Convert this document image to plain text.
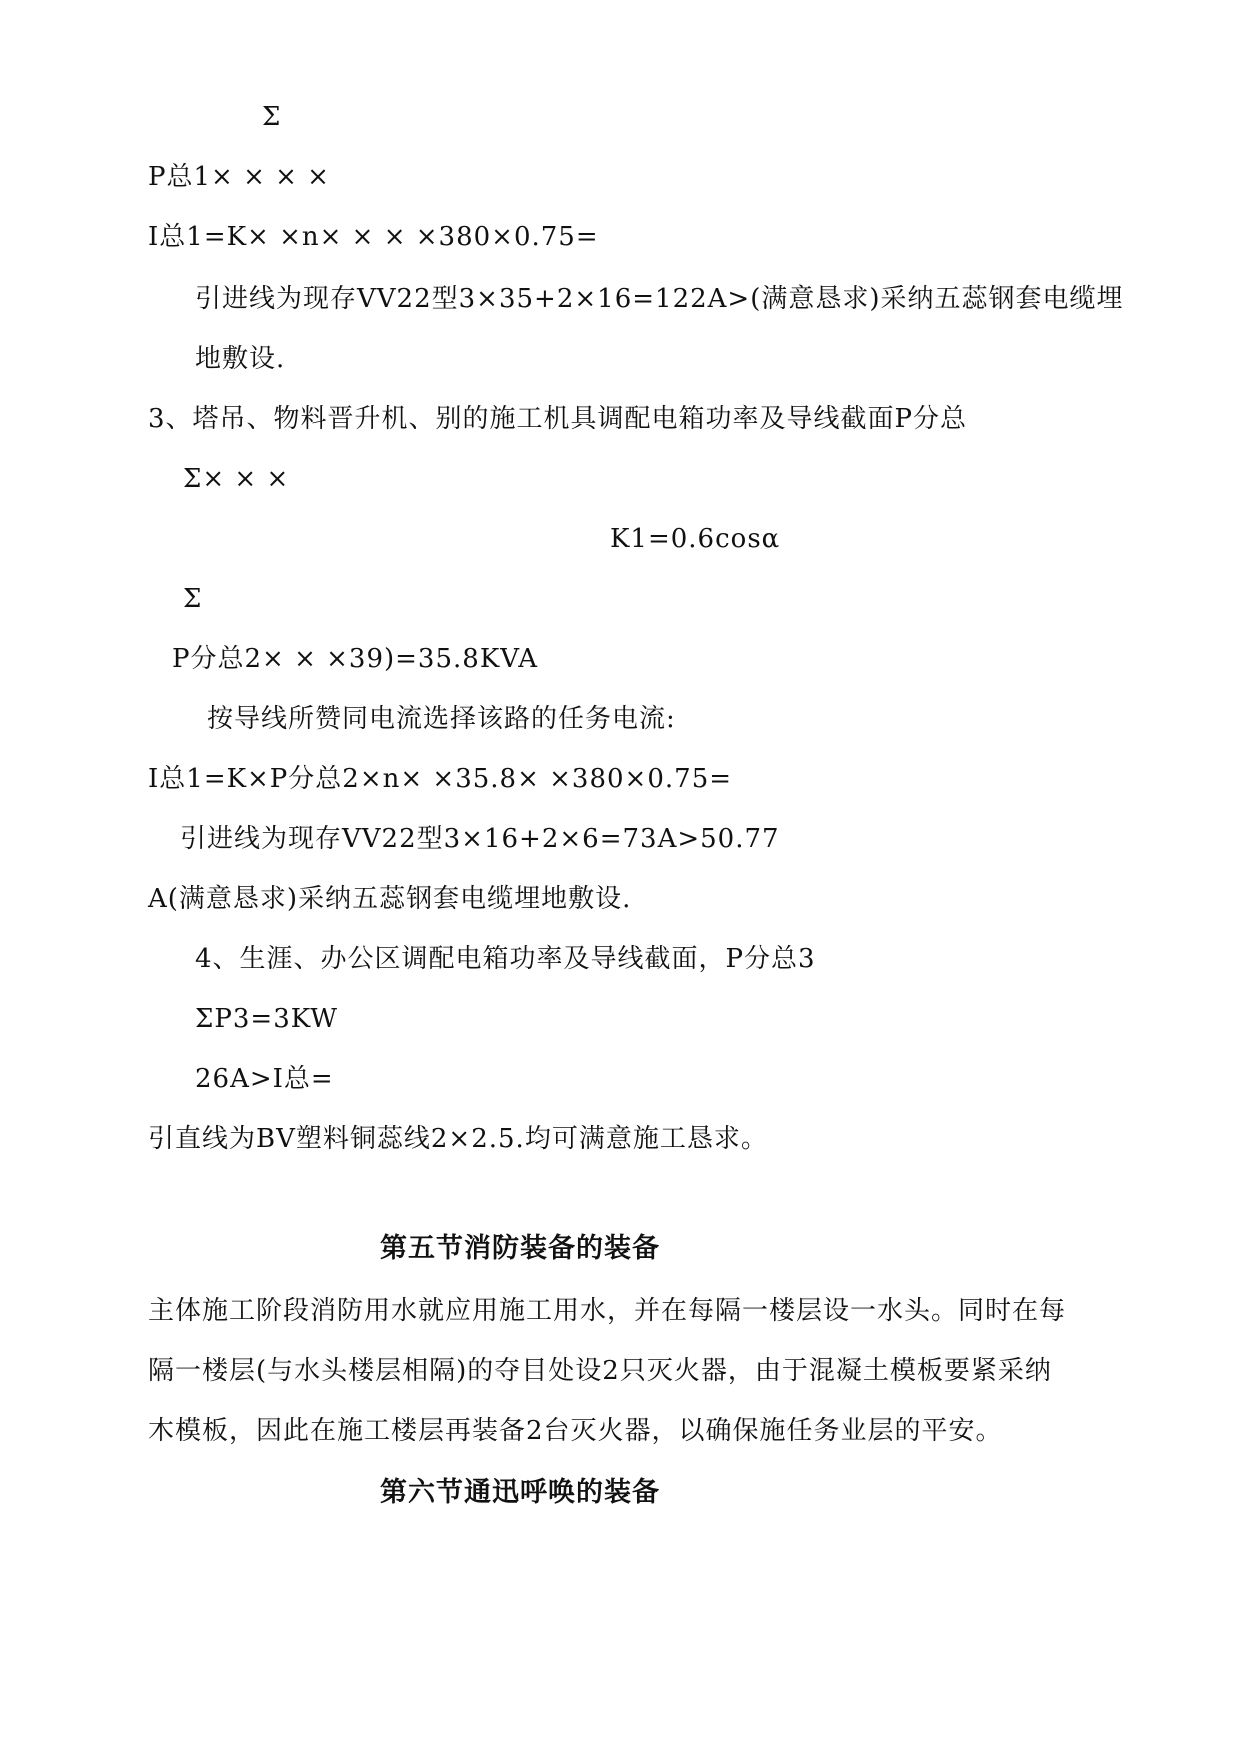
Σ
P总1× × × ×
I总1=K× ×n× × × ×380×0.75=
引进线为现存VV22型3×35+2×16=122A>(满意恳求)采纳五蕊钢套电缆埋
地敷设.
3、塔吊、物料晋升机、别的施工机具调配电箱功率及导线截面P分总
Σ× × ×
K1=0.6cosα
Σ
P分总2× × ×39)=35.8KVA
按导线所赞同电流选择该路的任务电流:
I总1=K×P分总2×n× ×35.8× ×380×0.75=
引进线为现存VV22型3×16+2×6=73A>50.77
A(满意恳求)采纳五蕊钢套电缆埋地敷设.
4、生涯、办公区调配电箱功率及导线截面，P分总3
ΣP3=3KW
26A>I总=
引直线为BV塑料铜蕊线2×2.5.均可满意施工恳求。
第五节消防装备的装备
主体施工阶段消防用水就应用施工用水，并在每隔一楼层设一水头。同时在每
隔一楼层(与水头楼层相隔)的夺目处设2只灭火器，由于混凝土模板要紧采纳
木模板，因此在施工楼层再装备2台灭火器，以确保施任务业层的平安。
第六节通迅呼唤的装备
